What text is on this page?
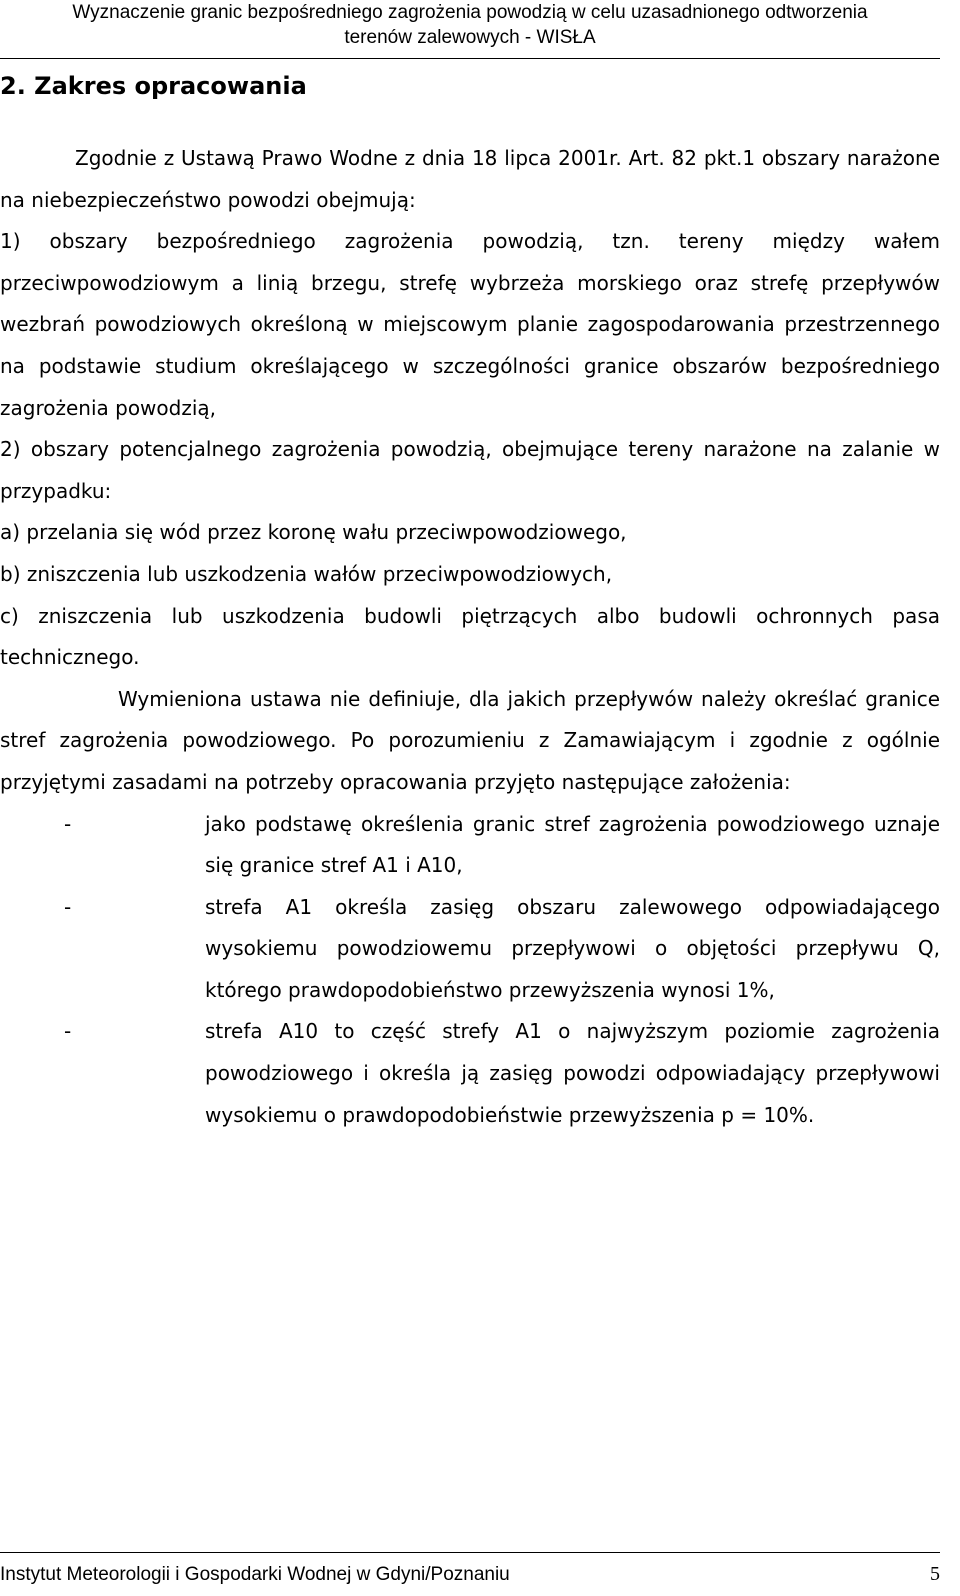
Wyznaczenie granic bezpośredniego zagrożenia powodzią w celu uzasadnionego odtworzenia
terenów zalewowych - WISŁA
2. Zakres opracowania

Zgodnie z Ustawą Prawo Wodne z dnia 18 lipca 2001r. Art. 82 pkt.1 obszary narażone na niebezpieczeństwo powodzi obejmują:

1) obszary bezpośredniego zagrożenia powodzią, tzn. tereny między wałem przeciwpowodziowym a linią brzegu, strefę wybrzeża morskiego oraz strefę przepływów wezbrań powodziowych określoną w miejscowym planie zagospodarowania przestrzennego na podstawie studium określającego w szczególności granice obszarów bezpośredniego zagrożenia powodzią,

2) obszary potencjalnego zagrożenia powodzią, obejmujące tereny narażone na zalanie w przypadku:

a) przelania się wód przez koronę wału przeciwpowodziowego,

b) zniszczenia lub uszkodzenia wałów przeciwpowodziowych,

c) zniszczenia lub uszkodzenia budowli piętrzących albo budowli ochronnych pasa technicznego.

Wymieniona ustawa nie definiuje, dla jakich przepływów należy określać granice stref zagrożenia powodziowego. Po porozumieniu z Zamawiającym i zgodnie z ogólnie przyjętymi zasadami na potrzeby opracowania przyjęto następujące założenia:

-	jako podstawę określenia granic stref zagrożenia powodziowego uznaje się granice stref A1 i A10,
-	strefa A1 określa zasięg obszaru zalewowego odpowiadającego wysokiemu powodziowemu przepływowi o objętości przepływu Q, którego prawdopodobieństwo przewyższenia wynosi 1%,
-	strefa A10 to część strefy A1 o najwyższym poziomie zagrożenia powodziowego i określa ją zasięg powodzi odpowiadający przepływowi wysokiemu o prawdopodobieństwie przewyższenia p = 10%.
Instytut Meteorologii i Gospodarki Wodnej w Gdyni/Poznaniu	5
